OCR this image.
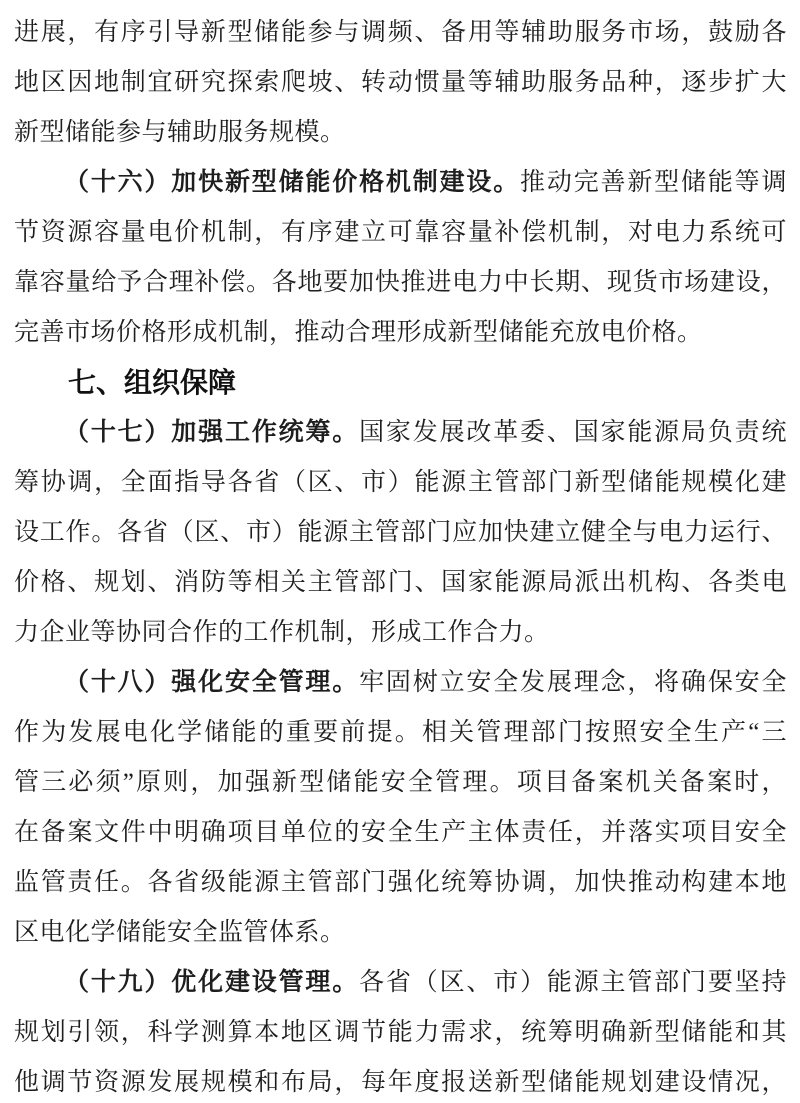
进展，有序引导新型储能参与调频、备用等辅助服务市场，鼓励各
地区因地制宜研究探索爬坡、转动惯量等辅助服务品种，逐步扩大
新型储能参与辅助服务规模。
（十六）加快新型储能价格机制建设。推动完善新型储能等调
节资源容量电价机制，有序建立可靠容量补偿机制，对电力系统可
靠容量给予合理补偿。各地要加快推进电力中长期、现货市场建设，
完善市场价格形成机制，推动合理形成新型储能充放电价格。
七、组织保障
（十七）加强工作统筹。国家发展改革委、国家能源局负责统
筹协调，全面指导各省（区、市）能源主管部门新型储能规模化建
设工作。各省（区、市）能源主管部门应加快建立健全与电力运行、
价格、规划、消防等相关主管部门、国家能源局派出机构、各类电
力企业等协同合作的工作机制，形成工作合力。
（十八）强化安全管理。牢固树立安全发展理念，将确保安全
作为发展电化学储能的重要前提。相关管理部门按照安全生产“三
管三必须”原则，加强新型储能安全管理。项目备案机关备案时，
在备案文件中明确项目单位的安全生产主体责任，并落实项目安全
监管责任。各省级能源主管部门强化统筹协调，加快推动构建本地
区电化学储能安全监管体系。
（十九）优化建设管理。各省（区、市）能源主管部门要坚持
规划引领，科学测算本地区调节能力需求，统筹明确新型储能和其
他调节资源发展规模和布局，每年度报送新型储能规划建设情况，
